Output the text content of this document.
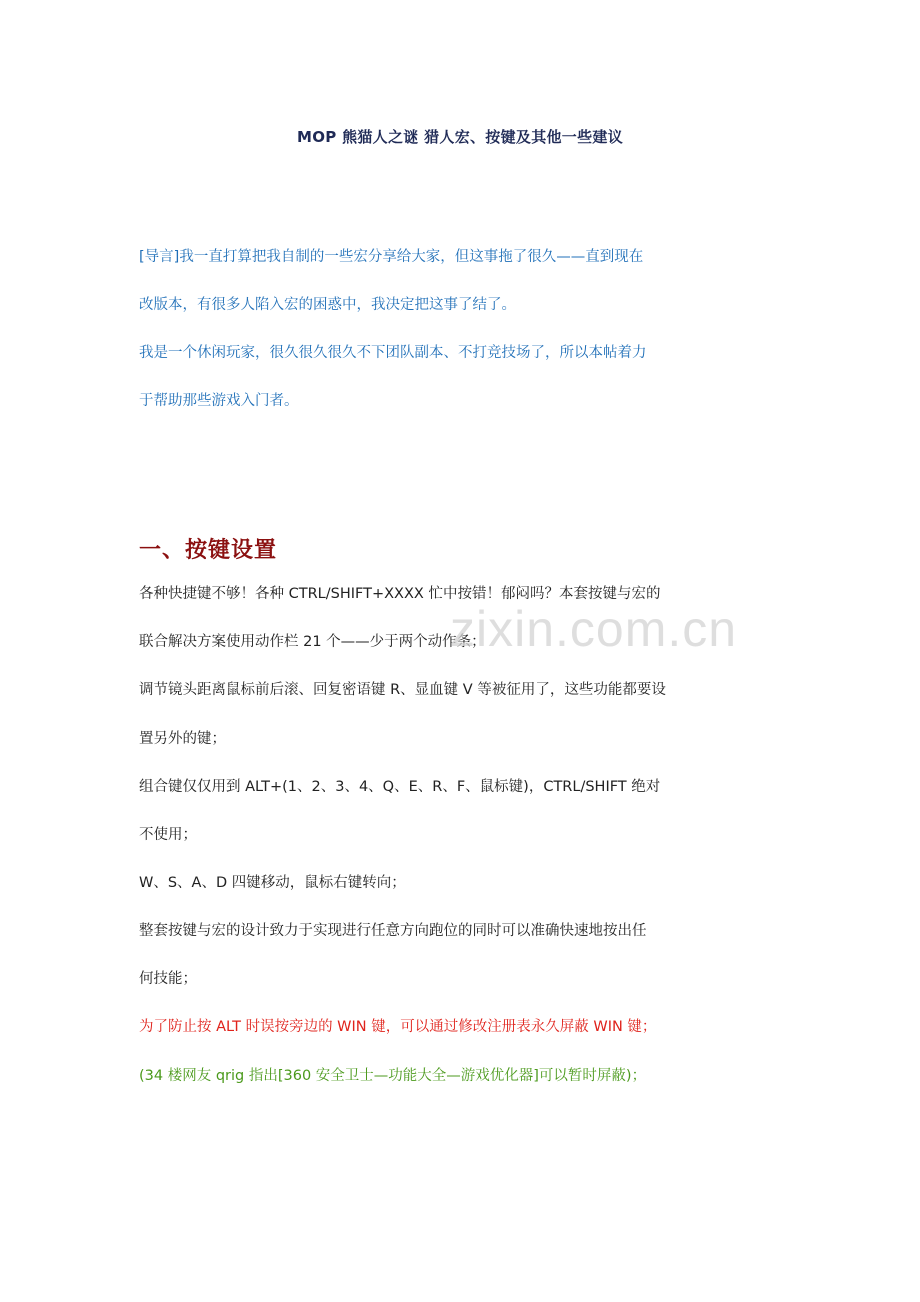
MOP 熊猫人之谜 猎人宏、按键及其他一些建议
[导言]我一直打算把我自制的一些宏分享给大家，但这事拖了很久——直到现在
改版本，有很多人陷入宏的困惑中，我决定把这事了结了。
我是一个休闲玩家，很久很久很久不下团队副本、不打竞技场了，所以本帖着力
于帮助那些游戏入门者。
一、按键设置
各种快捷键不够！各种 CTRL/SHIFT+XXXX 忙中按错！郁闷吗？本套按键与宏的
联合解决方案使用动作栏 21 个——少于两个动作条；
调节镜头距离鼠标前后滚、回复密语键 R、显血键 V 等被征用了，这些功能都要设
置另外的键；
组合键仅仅用到 ALT+(1、2、3、4、Q、E、R、F、鼠标键)，CTRL/SHIFT 绝对
不使用；
W、S、A、D 四键移动，鼠标右键转向；
整套按键与宏的设计致力于实现进行任意方向跑位的同时可以准确快速地按出任
何技能；
为了防止按 ALT 时误按旁边的 WIN 键，可以通过修改注册表永久屏蔽 WIN 键；
(34 楼网友 qrig 指出[360 安全卫士—功能大全—游戏优化器]可以暂时屏蔽)；
zixin.com.cn
